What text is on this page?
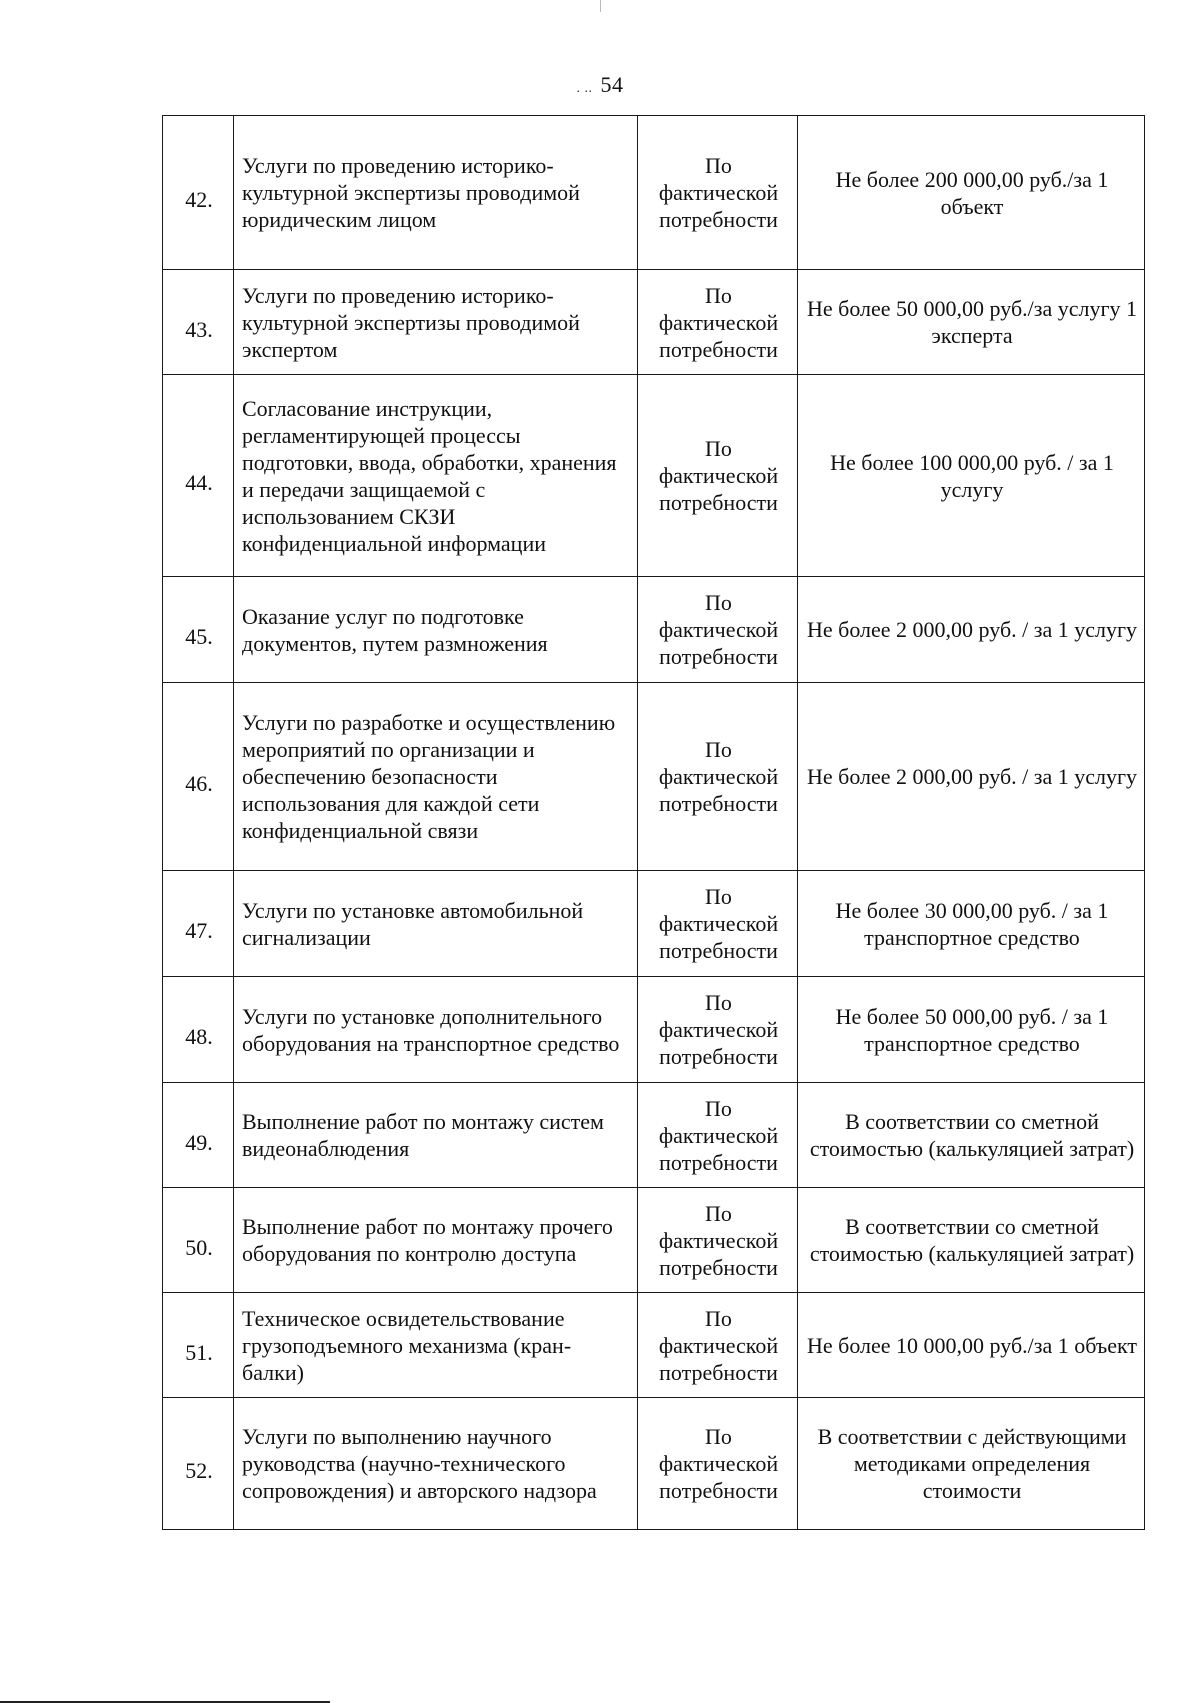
. .. 54
42.	Услуги по проведению историко-культурной экспертизы проводимой юридическим лицом	По фактической потребности	Не более 200 000,00 руб./за 1 объект
43.	Услуги по проведению историко-культурной экспертизы проводимой экспертом	По фактической потребности	Не более 50 000,00 руб./за услугу 1 эксперта
44.	Согласование инструкции, регламентирующей процессы подготовки, ввода, обработки, хранения и передачи защищаемой с использованием СКЗИ конфиденциальной информации	По фактической потребности	Не более 100 000,00 руб. / за 1 услугу
45.	Оказание услуг по подготовке документов, путем размножения	По фактической потребности	Не более 2 000,00 руб. / за 1 услугу
46.	Услуги по разработке и осуществлению мероприятий по организации и обеспечению безопасности использования для каждой сети конфиденциальной связи	По фактической потребности	Не более 2 000,00 руб. / за 1 услугу
47.	Услуги по установке автомобильной сигнализации	По фактической потребности	Не более 30 000,00 руб. / за 1 транспортное средство
48.	Услуги по установке дополнительного оборудования на транспортное средство	По фактической потребности	Не более 50 000,00 руб. / за 1 транспортное средство
49.	Выполнение работ по монтажу систем видеонаблюдения	По фактической потребности	В соответствии со сметной стоимостью (калькуляцией затрат)
50.	Выполнение работ по монтажу прочего оборудования по контролю доступа	По фактической потребности	В соответствии со сметной стоимостью (калькуляцией затрат)
51.	Техническое освидетельствование грузоподъемного механизма (кран-балки)	По фактической потребности	Не более 10 000,00 руб./за 1 объект
52.	Услуги по выполнению научного руководства (научно-технического сопровождения) и авторского надзора	По фактической потребности	В соответствии с действующими методиками определения стоимости
